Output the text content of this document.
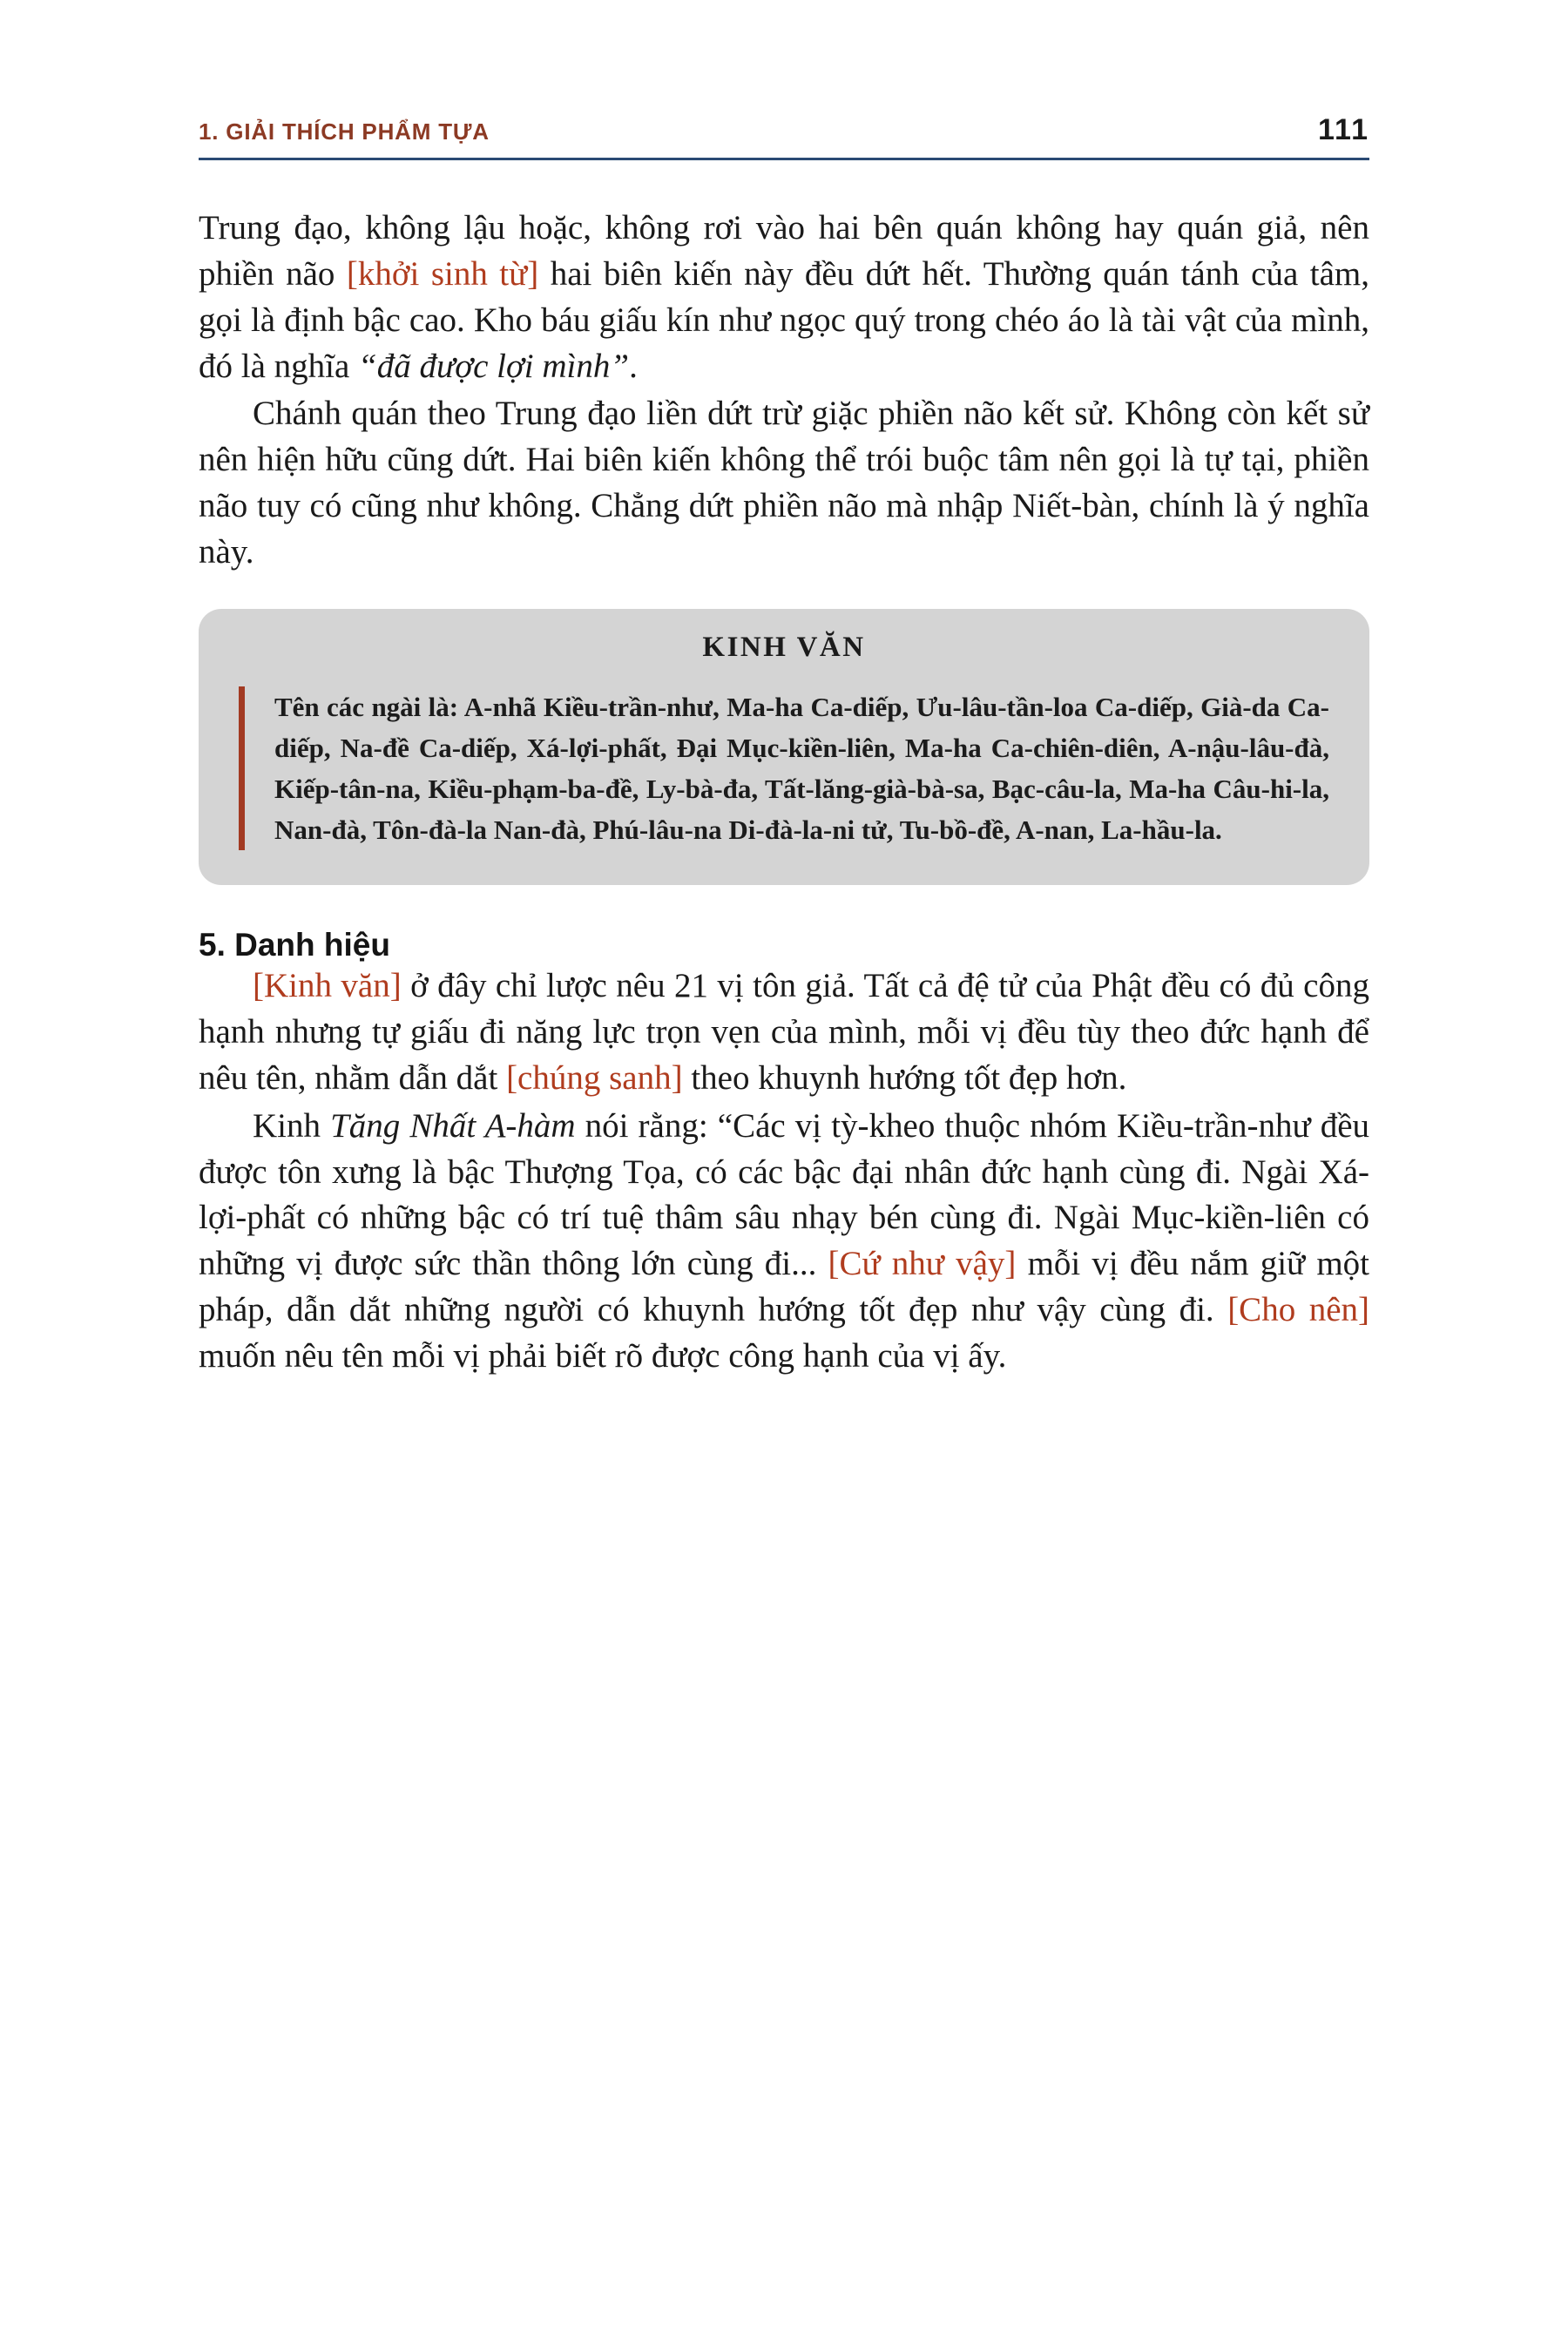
1. GIẢI THÍCH PHẨM TỰA	111

Trung đạo, không lậu hoặc, không rơi vào hai bên quán không hay quán giả, nên phiền não [khởi sinh từ] hai biên kiến này đều dứt hết. Thường quán tánh của tâm, gọi là định bậc cao. Kho báu giấu kín như ngọc quý trong chéo áo là tài vật của mình, đó là nghĩa “đã được lợi mình”.

Chánh quán theo Trung đạo liền dứt trừ giặc phiền não kết sử. Không còn kết sử nên hiện hữu cũng dứt. Hai biên kiến không thể trói buộc tâm nên gọi là tự tại, phiền não tuy có cũng như không. Chẳng dứt phiền não mà nhập Niết-bàn, chính là ý nghĩa này.

KINH VĂN
Tên các ngài là: A-nhã Kiều-trần-như, Ma-ha Ca-diếp, Ưu-lâu-tần-loa Ca-diếp, Già-da Ca-diếp, Na-đề Ca-diếp, Xá-lợi-phất, Đại Mục-kiền-liên, Ma-ha Ca-chiên-diên, A-nậu-lâu-đà, Kiếp-tân-na, Kiều-phạm-ba-đề, Ly-bà-đa, Tất-lăng-già-bà-sa, Bạc-câu-la, Ma-ha Câu-hi-la, Nan-đà, Tôn-đà-la Nan-đà, Phú-lâu-na Di-đà-la-ni tử, Tu-bồ-đề, A-nan, La-hầu-la.
5. Danh hiệu

[Kinh văn] ở đây chỉ lược nêu 21 vị tôn giả. Tất cả đệ tử của Phật đều có đủ công hạnh nhưng tự giấu đi năng lực trọn vẹn của mình, mỗi vị đều tùy theo đức hạnh để nêu tên, nhằm dẫn dắt [chúng sanh] theo khuynh hướng tốt đẹp hơn.

Kinh Tăng Nhất A-hàm nói rằng: “Các vị tỳ-kheo thuộc nhóm Kiều-trần-như đều được tôn xưng là bậc Thượng Tọa, có các bậc đại nhân đức hạnh cùng đi. Ngài Xá-lợi-phất có những bậc có trí tuệ thâm sâu nhạy bén cùng đi. Ngài Mục-kiền-liên có những vị được sức thần thông lớn cùng đi... [Cứ như vậy] mỗi vị đều nắm giữ một pháp, dẫn dắt những người có khuynh hướng tốt đẹp như vậy cùng đi. [Cho nên] muốn nêu tên mỗi vị phải biết rõ được công hạnh của vị ấy.
